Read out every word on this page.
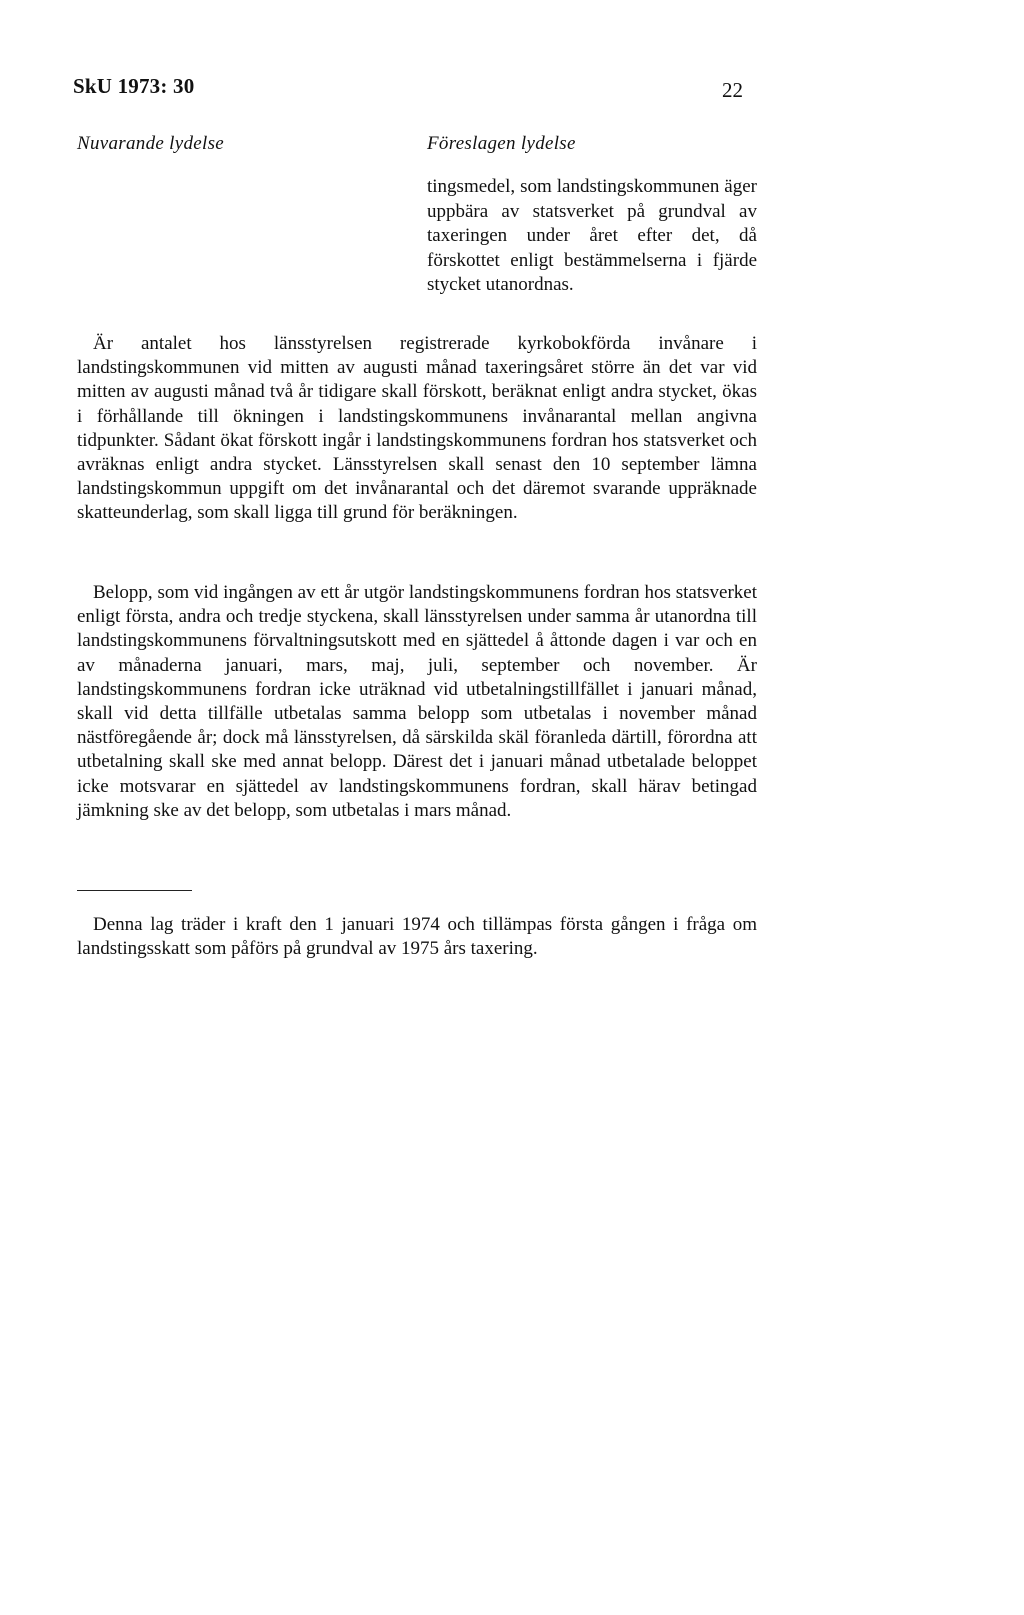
SkU 1973: 30	22
Nuvarande lydelse	Föreslagen lydelse

tingsmedel, som landstingskommunen äger uppbära av statsverket på grundval av taxeringen under året efter det, då förskottet enligt bestämmelserna i fjärde stycket utanordnas.

Är antalet hos länsstyrelsen registrerade kyrkobokförda invånare i landstingskommunen vid mitten av augusti månad taxeringsåret större än det var vid mitten av augusti månad två år tidigare skall förskott, beräknat enligt andra stycket, ökas i förhållande till ökningen i landstingskommunens invånarantal mellan angivna tidpunkter. Sådant ökat förskott ingår i landstingskommunens fordran hos statsverket och avräknas enligt andra stycket. Länsstyrelsen skall senast den 10 september lämna landstingskommun uppgift om det invånarantal och det däremot svarande uppräknade skatteunderlag, som skall ligga till grund för beräkningen.

Belopp, som vid ingången av ett år utgör landstingskommunens fordran hos statsverket enligt första, andra och tredje styckena, skall länsstyrelsen under samma år utanordna till landstingskommunens förvaltningsutskott med en sjättedel å åttonde dagen i var och en av månaderna januari, mars, maj, juli, september och november. Är landstingskommunens fordran icke uträknad vid utbetalningstillfället i januari månad, skall vid detta tillfälle utbetalas samma belopp som utbetalas i november månad nästföregående år; dock må länsstyrelsen, då särskilda skäl föranleda därtill, förordna att utbetalning skall ske med annat belopp. Därest det i januari månad utbetalade beloppet icke motsvarar en sjättedel av landstingskommunens fordran, skall härav betingad jämkning ske av det belopp, som utbetalas i mars månad.

Denna lag träder i kraft den 1 januari 1974 och tillämpas första gången i fråga om landstingsskatt som påförs på grundval av 1975 års taxering.
